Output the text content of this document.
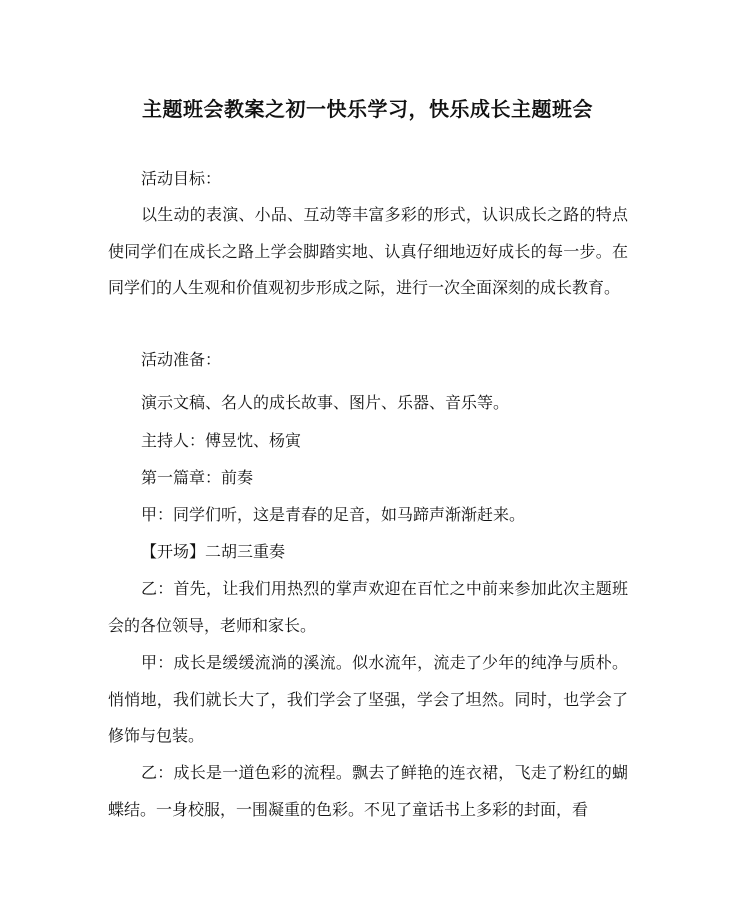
主题班会教案之初一快乐学习，快乐成长主题班会
活动目标：
以生动的表演、小品、互动等丰富多彩的形式，认识成长之路的特点使同学们在成长之路上学会脚踏实地、认真仔细地迈好成长的每一步。在同学们的人生观和价值观初步形成之际，进行一次全面深刻的成长教育。
活动准备：
演示文稿、名人的成长故事、图片、乐器、音乐等。
主持人：傅昱忱、杨寅
第一篇章：前奏
甲：同学们听，这是青春的足音，如马蹄声渐渐赶来。
【开场】二胡三重奏
乙：首先，让我们用热烈的掌声欢迎在百忙之中前来参加此次主题班会的各位领导，老师和家长。
甲：成长是缓缓流淌的溪流。似水流年，流走了少年的纯净与质朴。悄悄地，我们就长大了，我们学会了坚强，学会了坦然。同时，也学会了修饰与包装。
乙：成长是一道色彩的流程。飘去了鲜艳的连衣裙，飞走了粉红的蝴蝶结。一身校服，一围凝重的色彩。不见了童话书上多彩的封面，看
